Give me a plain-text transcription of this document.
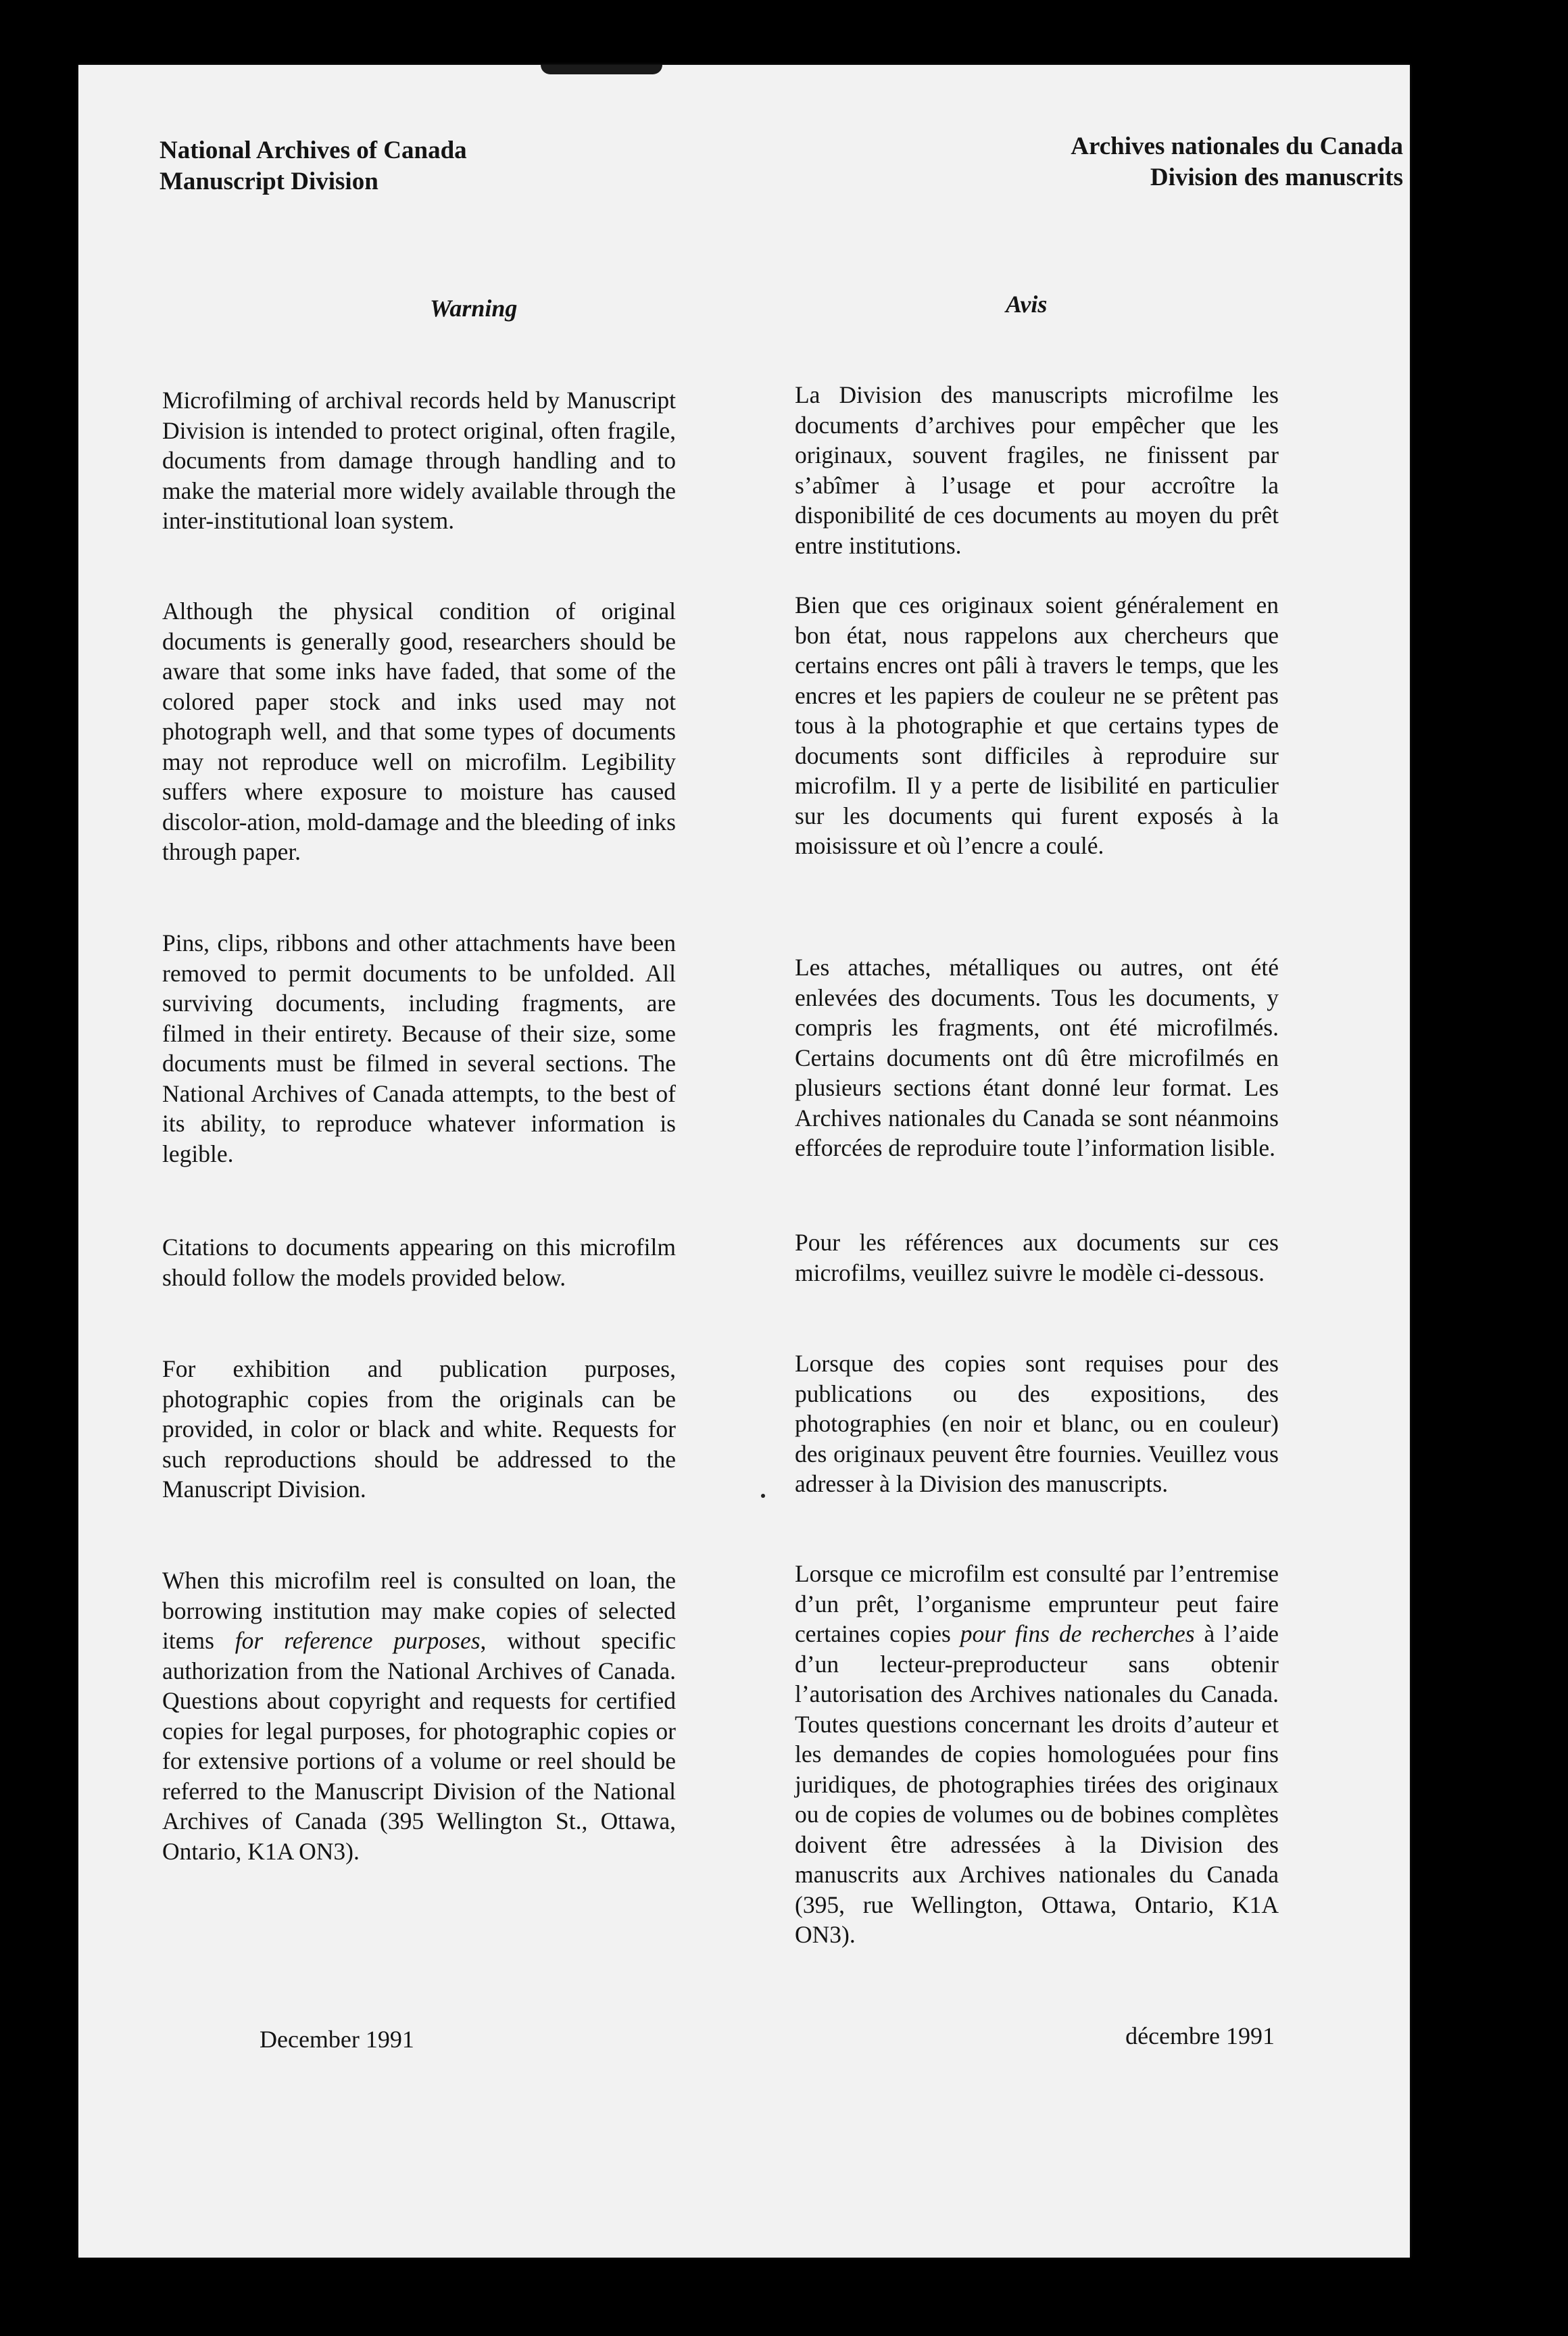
National Archives of Canada

Manuscript Division

Archives nationales du Canada

Division des manuscrits

Warning	Avis

Microfilming of archival records held by Manuscript Division is intended to protect original, often fragile, documents from damage through handling and to make the material more widely available through the inter-institutional loan system.

Although the physical condition of original documents is generally good, researchers should be aware that some inks have faded, that some of the colored paper stock and inks used may not photograph well, and that some types of documents may not reproduce well on microfilm. Legibility suffers where exposure to moisture has caused discolor-ation, mold-damage and the bleeding of inks through paper.

Pins, clips, ribbons and other attachments have been removed to permit documents to be unfolded. All surviving documents, including fragments, are filmed in their entirety. Because of their size, some documents must be filmed in several sections. The National Archives of Canada attempts, to the best of its ability, to reproduce whatever information is legible.

Citations to documents appearing on this microfilm should follow the models provided below.

For exhibition and publication purposes, photographic copies from the originals can be provided, in color or black and white. Requests for such reproductions should be addressed to the Manuscript Division.

When this microfilm reel is consulted on loan, the borrowing institution may make copies of selected items for reference purposes, without specific authorization from the National Archives of Canada. Questions about copyright and requests for certified copies for legal purposes, for photographic copies or for extensive portions of a volume or reel should be referred to the Manuscript Division of the National Archives of Canada (395 Wellington St., Ottawa, Ontario, K1A ON3).

La Division des manuscripts microfilme les documents d’archives pour empêcher que les originaux, souvent fragiles, ne finissent par s’abîmer à l’usage et pour accroître la disponibilité de ces documents au moyen du prêt entre institutions.

Bien que ces originaux soient généralement en bon état, nous rappelons aux chercheurs que certains encres ont pâli à travers le temps, que les encres et les papiers de couleur ne se prêtent pas tous à la photographie et que certains types de documents sont difficiles à reproduire sur microfilm. Il y a perte de lisibilité en particulier sur les documents qui furent exposés à la moisissure et où l’encre a coulé.

Les attaches, métalliques ou autres, ont été enlevées des documents. Tous les documents, y compris les fragments, ont été microfilmés. Certains documents ont dû être microfilmés en plusieurs sections étant donné leur format. Les Archives nationales du Canada se sont néanmoins efforcées de reproduire toute l’information lisible.

Pour les références aux documents sur ces microfilms, veuillez suivre le modèle ci-dessous.

Lorsque des copies sont requises pour des publications ou des expositions, des photographies (en noir et blanc, ou en couleur) des originaux peuvent être fournies. Veuillez vous adresser à la Division des manuscripts.

Lorsque ce microfilm est consulté par l’entremise d’un prêt, l’organisme emprunteur peut faire certaines copies pour fins de recherches à l’aide d’un lecteur-preproducteur sans obtenir l’autorisation des Archives nationales du Canada. Toutes questions concernant les droits d’auteur et les demandes de copies homologuées pour fins juridiques, de photographies tirées des originaux ou de copies de volumes ou de bobines complètes doivent être adressées à la Division des manuscrits aux Archives nationales du Canada (395, rue Wellington, Ottawa, Ontario, K1A ON3).

December 1991	décembre 1991
